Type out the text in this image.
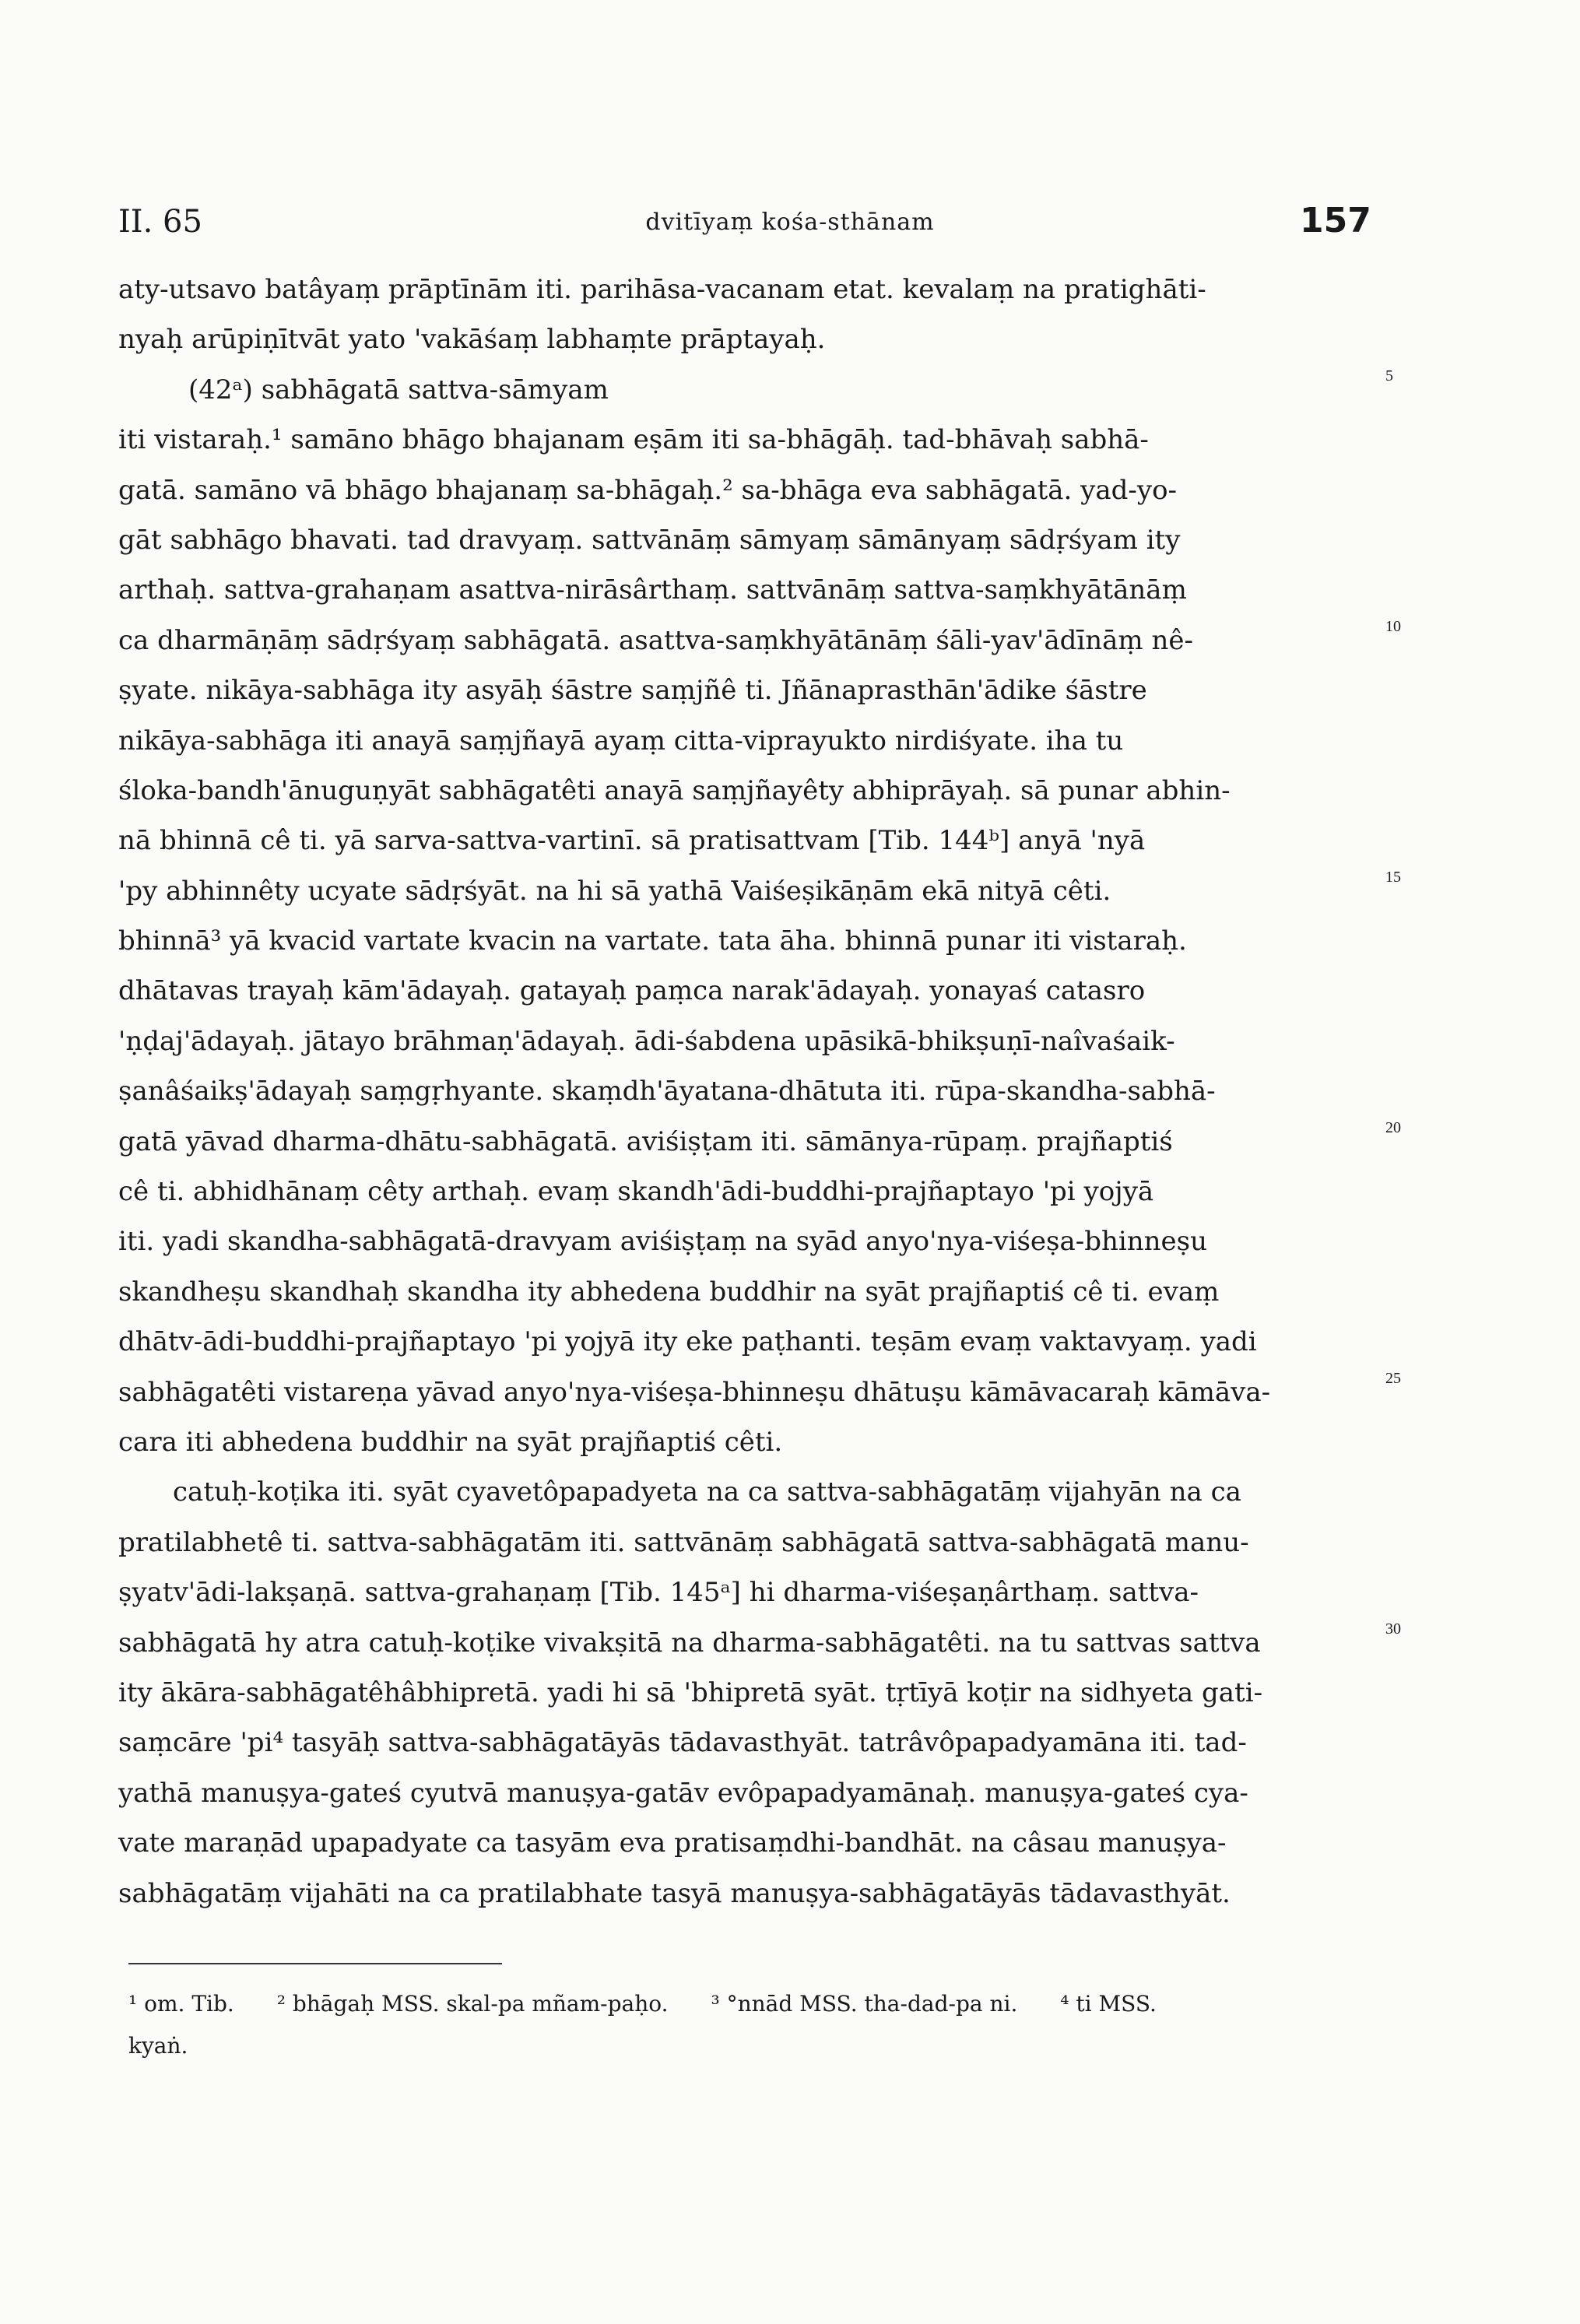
II. 65	dvitīyaṃ kośa-sthānam	157
aty-utsavo batâyaṃ prāptīnām iti. parihāsa-vacanam etat. kevalaṃ na pratighāti-
nyaḥ arūpiṇītvāt yato 'vakāśaṃ labhaṃte prāptayaḥ.
(42ᵃ) sabhāgatā sattva-sāmyam
iti vistaraḥ.¹ samāno bhāgo bhajanam eṣām iti sa-bhāgāḥ. tad-bhāvaḥ sabhā-
gatā. samāno vā bhāgo bhajanaṃ sa-bhāgaḥ.² sa-bhāga eva sabhāgatā. yad-yo-
gāt sabhāgo bhavati. tad dravyaṃ. sattvānāṃ sāmyaṃ sāmānyaṃ sādṛśyam ity
arthaḥ. sattva-grahaṇam asattva-nirāsârthaṃ. sattvānāṃ sattva-saṃkhyātānāṃ
ca dharmāṇāṃ sādṛśyaṃ sabhāgatā. asattva-saṃkhyātānāṃ śāli-yav'ādīnāṃ nê-
ṣyate. nikāya-sabhāga ity asyāḥ śāstre saṃjñê ti. Jñānaprasthān'ādike śāstre
nikāya-sabhāga iti anayā saṃjñayā ayaṃ citta-viprayukto nirdiśyate. iha tu
śloka-bandh'ānuguṇyāt sabhāgatêti anayā saṃjñayêty abhiprāyaḥ. sā punar abhin-
nā bhinnā cê ti. yā sarva-sattva-vartinī. sā pratisattvam [Tib. 144ᵇ] anyā 'nyā
'py abhinnêty ucyate sādṛśyāt. na hi sā yathā Vaiśeṣikāṇām ekā nityā cêti.
bhinnā³ yā kvacid vartate kvacin na vartate. tata āha. bhinnā punar iti vistaraḥ.
dhātavas trayaḥ kām'ādayaḥ. gatayaḥ paṃca narak'ādayaḥ. yonayaś catasro
'ṇḍaj'ādayaḥ. jātayo brāhmaṇ'ādayaḥ. ādi-śabdena upāsikā-bhikṣuṇī-naîvaśaik-
ṣanâśaikṣ'ādayaḥ saṃgṛhyante. skaṃdh'āyatana-dhātuta iti. rūpa-skandha-sabhā-
gatā yāvad dharma-dhātu-sabhāgatā. aviśiṣṭam iti. sāmānya-rūpaṃ. prajñaptiś
cê ti. abhidhānaṃ cêty arthaḥ. evaṃ skandh'ādi-buddhi-prajñaptayo 'pi yojyā
iti. yadi skandha-sabhāgatā-dravyam aviśiṣṭaṃ na syād anyo'nya-viśeṣa-bhinneṣu
skandheṣu skandhaḥ skandha ity abhedena buddhir na syāt prajñaptiś cê ti. evaṃ
dhātv-ādi-buddhi-prajñaptayo 'pi yojyā ity eke paṭhanti. teṣām evaṃ vaktavyaṃ. yadi
sabhāgatêti vistareṇa yāvad anyo'nya-viśeṣa-bhinneṣu dhātuṣu kāmāvacaraḥ kāmāva-
cara iti abhedena buddhir na syāt prajñaptiś cêti.
catuḥ-koṭika iti. syāt cyavetôpapadyeta na ca sattva-sabhāgatāṃ vijahyān na ca
pratilabhetê ti. sattva-sabhāgatām iti. sattvānāṃ sabhāgatā sattva-sabhāgatā manu-
ṣyatv'ādi-lakṣaṇā. sattva-grahaṇaṃ [Tib. 145ᵃ] hi dharma-viśeṣaṇârthaṃ. sattva-
sabhāgatā hy atra catuḥ-koṭike vivakṣitā na dharma-sabhāgatêti. na tu sattvas sattva
ity ākāra-sabhāgatêhâbhipretā. yadi hi sā 'bhipretā syāt. tṛtīyā koṭir na sidhyeta gati-
saṃcāre 'pi⁴ tasyāḥ sattva-sabhāgatāyās tādavasthyāt. tatrâvôpapadyamāna iti. tad-
yathā manuṣya-gateś cyutvā manuṣya-gatāv evôpapadyamānaḥ. manuṣya-gateś cya-
vate maraṇād upapadyate ca tasyām eva pratisaṃdhi-bandhāt. na câsau manuṣya-
sabhāgatāṃ vijahāti na ca pratilabhate tasyā manuṣya-sabhāgatāyās tādavasthyāt.
5
10
15
20
25
30
¹ om. Tib. ² bhāgaḥ MSS. skal-pa mñam-paḥo. ³ °nnād MSS. tha-dad-pa ni. ⁴ ti MSS.
kyaṅ.
